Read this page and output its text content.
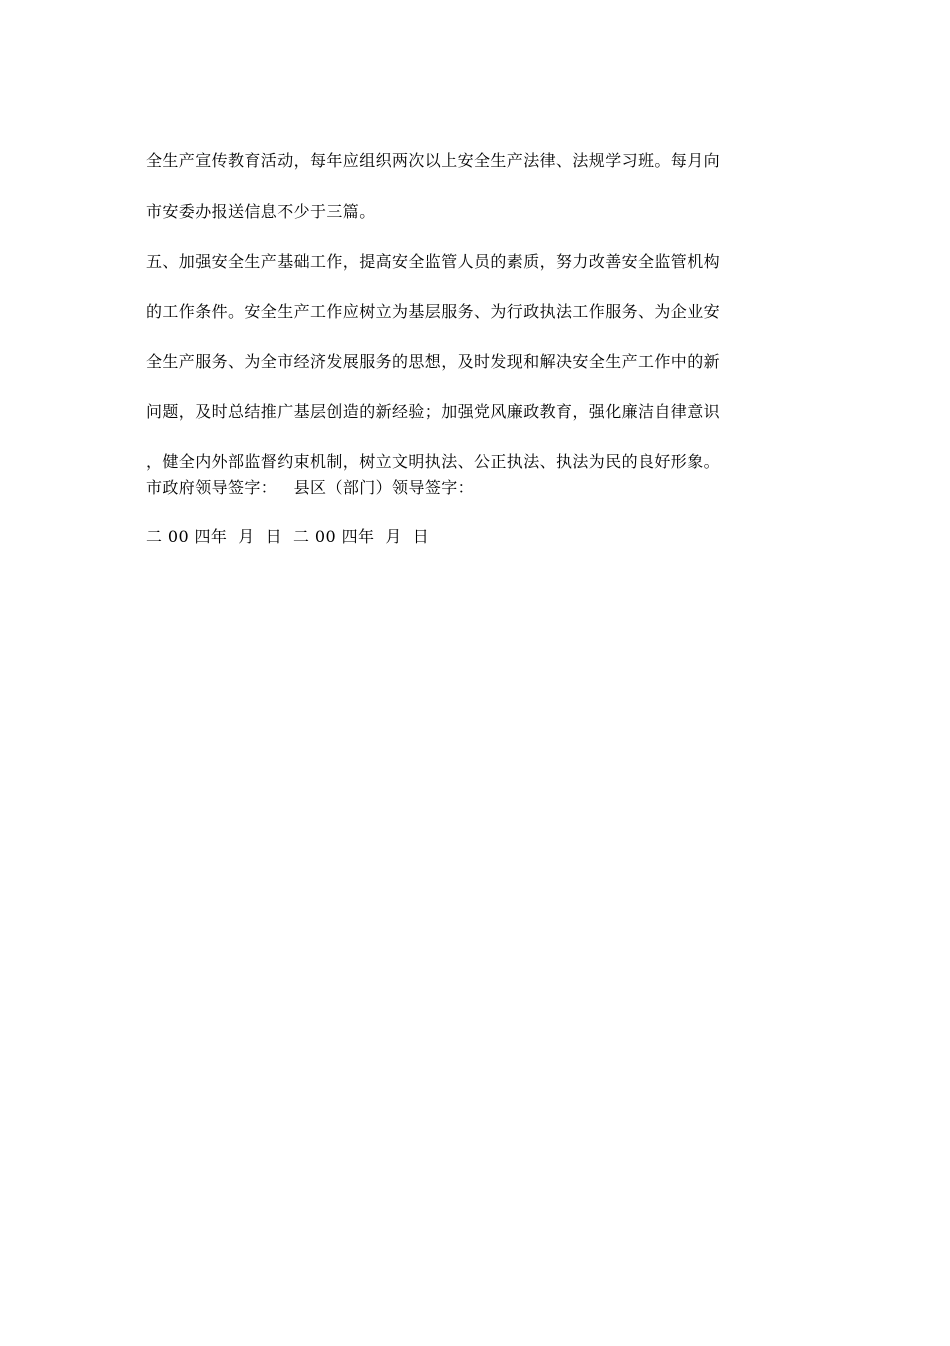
全生产宣传教育活动，每年应组织两次以上安全生产法律、法规学习班。每月向
市安委办报送信息不少于三篇。
五、加强安全生产基础工作，提高安全监管人员的素质，努力改善安全监管机构
的工作条件。安全生产工作应树立为基层服务、为行政执法工作服务、为企业安
全生产服务、为全市经济发展服务的思想，及时发现和解决安全生产工作中的新
问题，及时总结推广基层创造的新经验；加强党风廉政教育，强化廉洁自律意识
，健全内外部监督约束机制，树立文明执法、公正执法、执法为民的良好形象。
市政府领导签字：   县区（部门）领导签字：
二 00 四年  月  日  二 00 四年  月  日
